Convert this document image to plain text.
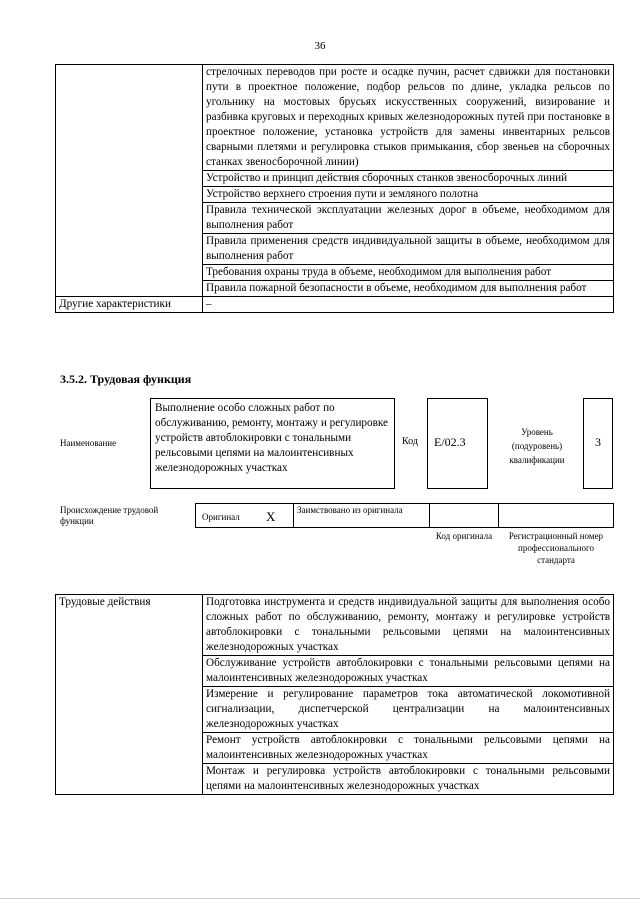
36
	стрелочных переводов при росте и осадке пучин, расчет сдвижки для постановки пути в проектное положение, подбор рельсов по длине, укладка рельсов по угольнику на мостовых брусьях искусственных сооружений, визирование и разбивка круговых и переходных кривых железнодорожных путей при постановке в проектное положение, установка устройств для замены инвентарных рельсов сварными плетями и регулировка стыков примыкания, сбор звеньев на сборочных станках звеносборочной линии)
	Устройство и принцип действия сборочных станков звеносборочных линий
	Устройство верхнего строения пути и земляного полотна
	Правила технической эксплуатации железных дорог в объеме, необходимом для выполнения работ
	Правила применения средств индивидуальной защиты в объеме, необходимом для выполнения работ
	Требования охраны труда в объеме, необходимом для выполнения работ
	Правила пожарной безопасности в объеме, необходимом для выполнения работ
Другие характеристики	–
3.5.2. Трудовая функция
Наименование
Выполнение особо сложных работ по обслуживанию, ремонту, монтажу и регулировке устройств автоблокировки с тональными рельсовыми цепями на малоинтенсивных железнодорожных участках
Код	Е/02.3
Уровень (подуровень) квалификации
3
Происхождение трудовой функции	Оригинал X	Заимствовано из оригинала
Код оригинала	Регистрационный номер профессионального стандарта
Трудовые действия	Подготовка инструмента и средств индивидуальной защиты для выполнения особо сложных работ по обслуживанию, ремонту, монтажу и регулировке устройств автоблокировки с тональными рельсовыми цепями на малоинтенсивных железнодорожных участках
Обслуживание устройств автоблокировки с тональными рельсовыми цепями на малоинтенсивных железнодорожных участках
Измерение и регулирование параметров тока автоматической локомотивной сигнализации, диспетчерской централизации на малоинтенсивных железнодорожных участках
Ремонт устройств автоблокировки с тональными рельсовыми цепями на малоинтенсивных железнодорожных участках
Монтаж и регулировка устройств автоблокировки с тональными рельсовыми цепями на малоинтенсивных железнодорожных участках
